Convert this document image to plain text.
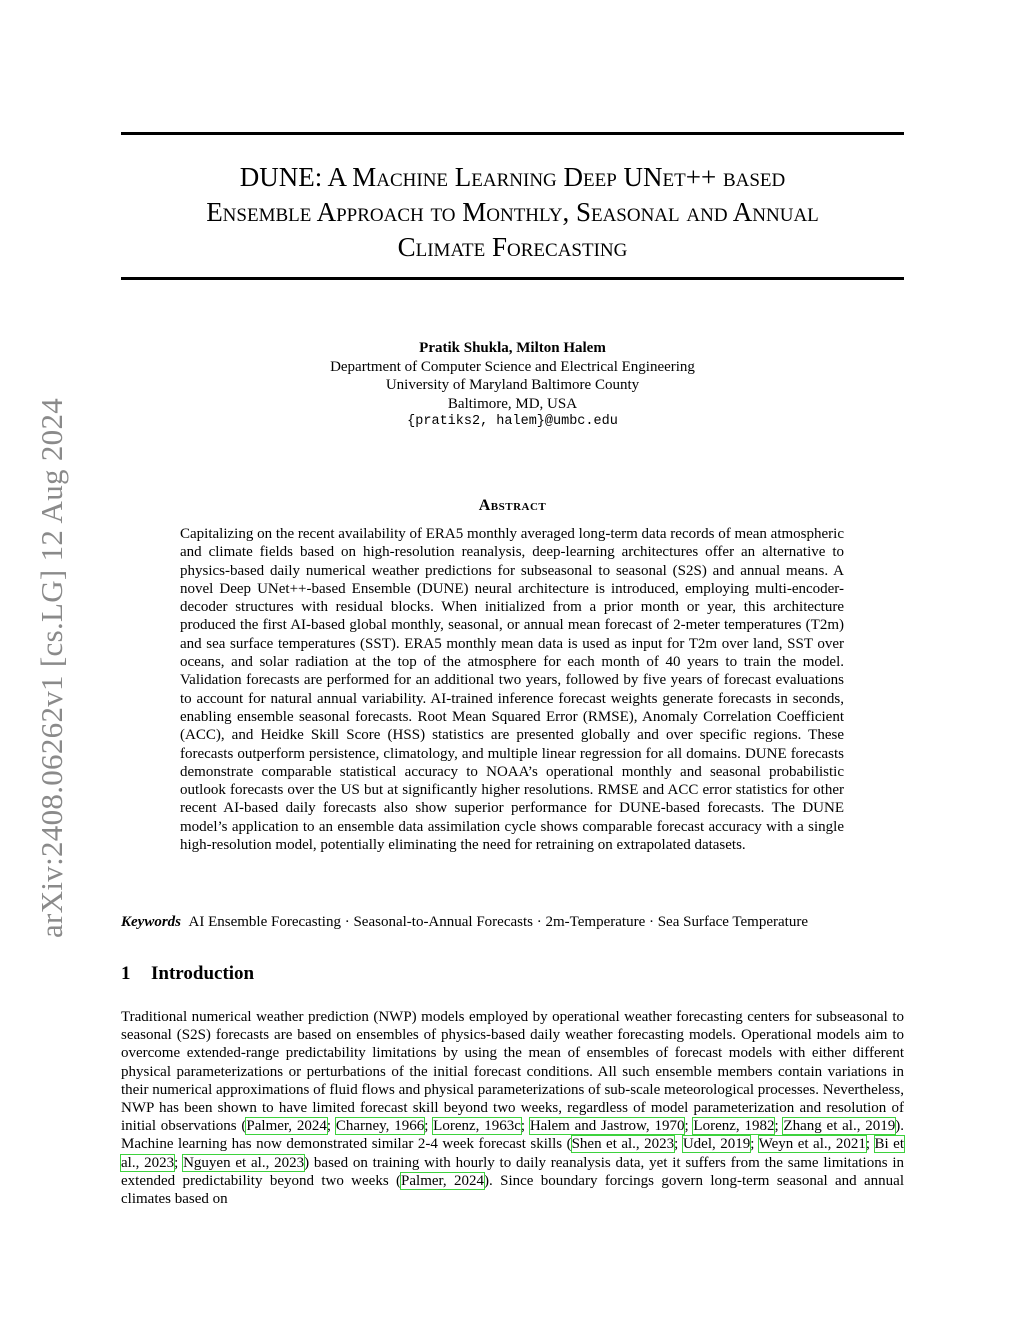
arXiv:2408.06262v1 [cs.LG] 12 Aug 2024
DUNE: A Machine Learning Deep UNet++ based
Ensemble Approach to Monthly, Seasonal and Annual
Climate Forecasting
Pratik Shukla, Milton Halem
Department of Computer Science and Electrical Engineering
University of Maryland Baltimore County
Baltimore, MD, USA
{pratiks2, halem}@umbc.edu
Abstract

Capitalizing on the recent availability of ERA5 monthly averaged long-term data records of mean atmospheric and climate fields based on high-resolution reanalysis, deep-learning architectures offer an alternative to physics-based daily numerical weather predictions for subseasonal to seasonal (S2S) and annual means. A novel Deep UNet++-based Ensemble (DUNE) neural architecture is introduced, employing multi-encoder-decoder structures with residual blocks. When initialized from a prior month or year, this architecture produced the first AI-based global monthly, seasonal, or annual mean forecast of 2-meter temperatures (T2m) and sea surface temperatures (SST). ERA5 monthly mean data is used as input for T2m over land, SST over oceans, and solar radiation at the top of the atmosphere for each month of 40 years to train the model. Validation forecasts are performed for an additional two years, followed by five years of forecast evaluations to account for natural annual variability. AI-trained inference forecast weights generate forecasts in seconds, enabling ensemble seasonal forecasts. Root Mean Squared Error (RMSE), Anomaly Correlation Coefficient (ACC), and Heidke Skill Score (HSS) statistics are presented globally and over specific regions. These forecasts outperform persistence, climatology, and multiple linear regression for all domains. DUNE forecasts demonstrate comparable statistical accuracy to NOAA’s operational monthly and seasonal probabilistic outlook forecasts over the US but at significantly higher resolutions. RMSE and ACC error statistics for other recent AI-based daily forecasts also show superior performance for DUNE-based forecasts. The DUNE model’s application to an ensemble data assimilation cycle shows comparable forecast accuracy with a single high-resolution model, potentially eliminating the need for retraining on extrapolated datasets.

Keywords AI Ensemble Forecasting · Seasonal-to-Annual Forecasts · 2m-Temperature · Sea Surface Temperature
1 Introduction

Traditional numerical weather prediction (NWP) models employed by operational weather forecasting centers for subseasonal to seasonal (S2S) forecasts are based on ensembles of physics-based daily weather forecasting models. Operational models aim to overcome extended-range predictability limitations by using the mean of ensembles of forecast models with either different physical parameterizations or perturbations of the initial forecast conditions. All such ensemble members contain variations in their numerical approximations of fluid flows and physical parameterizations of sub-scale meteorological processes. Nevertheless, NWP has been shown to have limited forecast skill beyond two weeks, regardless of model parameterization and resolution of initial observations (Palmer, 2024; Charney, 1966; Lorenz, 1963c; Halem and Jastrow, 1970; Lorenz, 1982; Zhang et al., 2019). Machine learning has now demonstrated similar 2-4 week forecast skills (Shen et al., 2023; Udel, 2019; Weyn et al., 2021; Bi et al., 2023; Nguyen et al., 2023) based on training with hourly to daily reanalysis data, yet it suffers from the same limitations in extended predictability beyond two weeks (Palmer, 2024). Since boundary forcings govern long-term seasonal and annual climates based on
